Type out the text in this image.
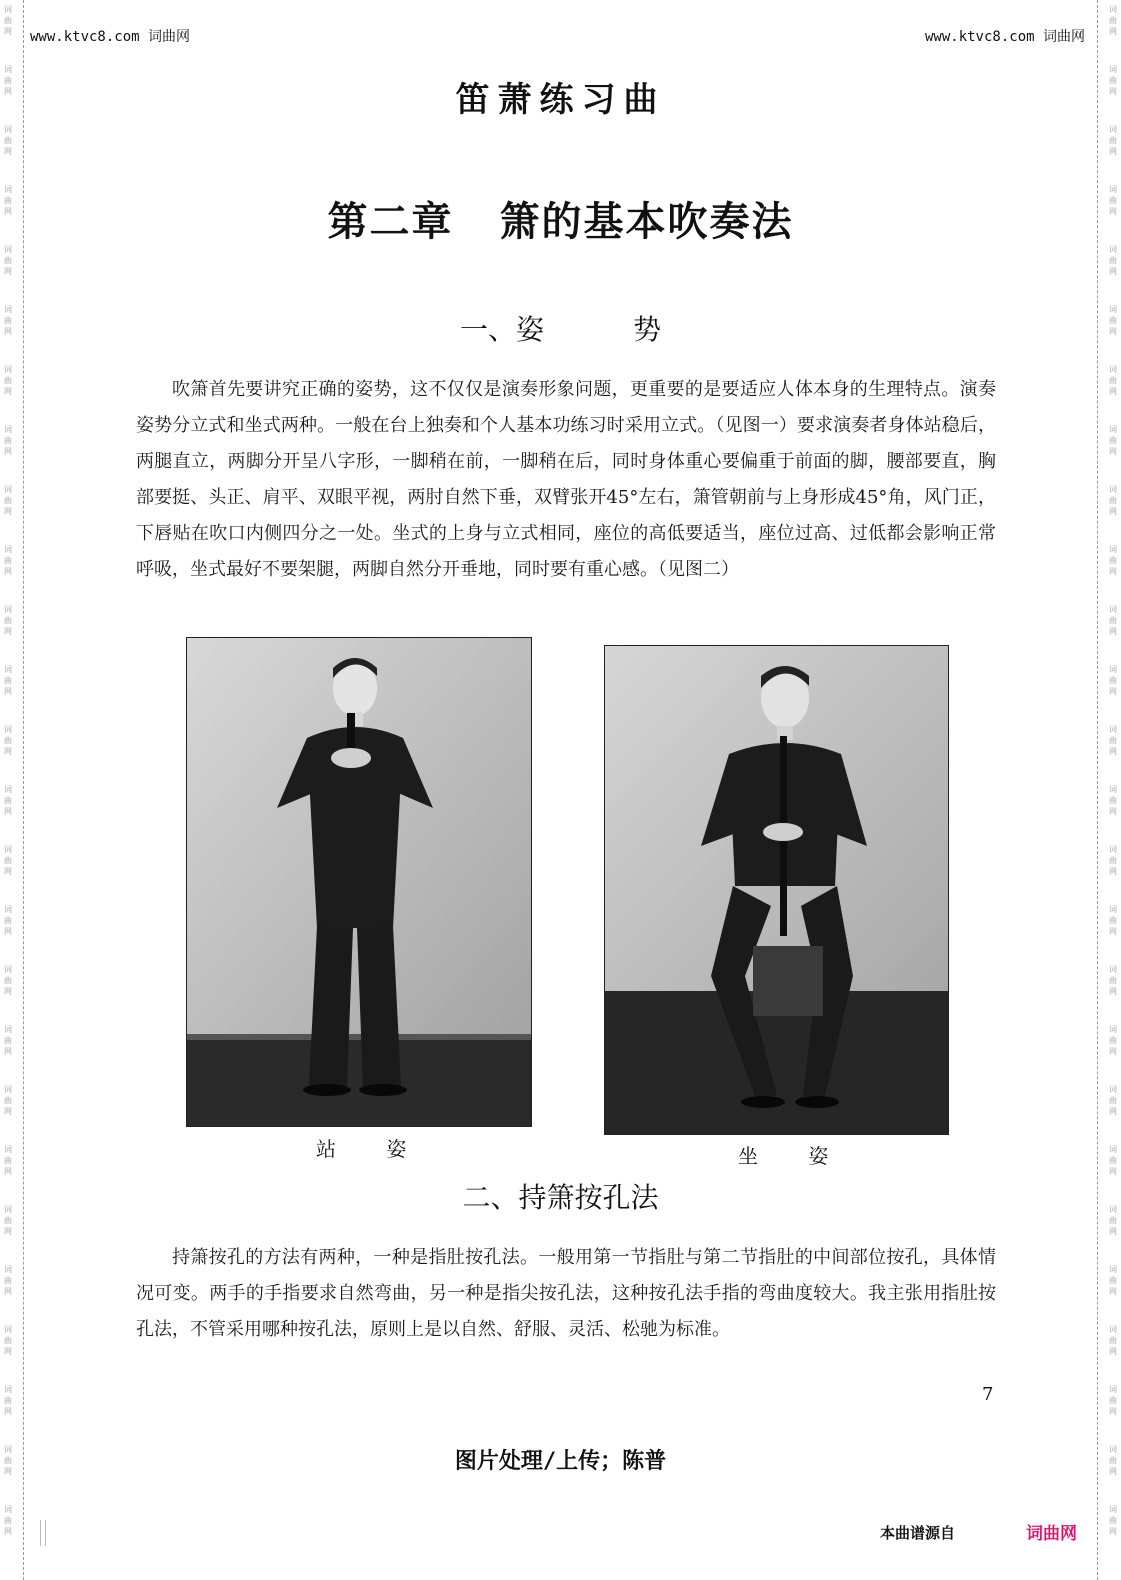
词
曲
网
词
曲
网
词
曲
网
词
曲
网
词
曲
网
词
曲
网
词
曲
网
词
曲
网
词
曲
网
词
曲
网
词
曲
网
词
曲
网
词
曲
网
词
曲
网
词
曲
网
词
曲
网
词
曲
网
词
曲
网
词
曲
网
词
曲
网
词
曲
网
词
曲
网
词
曲
网
词
曲
网
词
曲
网
词
曲
网
词
曲
网
词
曲
网
词
曲
网
词
曲
网
词
曲
网
词
曲
网
词
曲
网
词
曲
网
词
曲
网
词
曲
网
词
曲
网
词
曲
网
词
曲
网
词
曲
网
词
曲
网
词
曲
网
词
曲
网
词
曲
网
词
曲
网
词
曲
网
词
曲
网
词
曲
网
词
曲
网
词
曲
网
词
曲
网
词
曲
网
www.ktvc8.com 词曲网	www.ktvc8.com 词曲网
笛萧练习曲
第二章 箫的基本吹奏法
一、姿 势

吹箫首先要讲究正确的姿势，这不仅仅是演奏形象问题，更重要的是要适应人体本身的生理特点。演奏姿势分立式和坐式两种。一般在台上独奏和个人基本功练习时采用立式。（见图一）要求演奏者身体站稳后，两腿直立，两脚分开呈八字形，一脚稍在前，一脚稍在后，同时身体重心要偏重于前面的脚，腰部要直，胸部要挺、头正、肩平、双眼平视，两肘自然下垂，双臂张开45°左右，箫管朝前与上身形成45°角，风门正，下唇贴在吹口内侧四分之一处。坐式的上身与立式相同，座位的高低要适当，座位过高、过低都会影响正常呼吸，坐式最好不要架腿，两脚自然分开垂地，同时要有重心感。（见图二）

站 姿	坐 姿
二、持箫按孔法

持箫按孔的方法有两种，一种是指肚按孔法。一般用第一节指肚与第二节指肚的中间部位按孔，具体情况可变。两手的手指要求自然弯曲，另一种是指尖按孔法，这种按孔法手指的弯曲度较大。我主张用指肚按孔法，不管采用哪种按孔法，原则上是以自然、舒服、灵活、松驰为标准。

7
图片处理/上传；陈普
本曲谱源自	词曲网
